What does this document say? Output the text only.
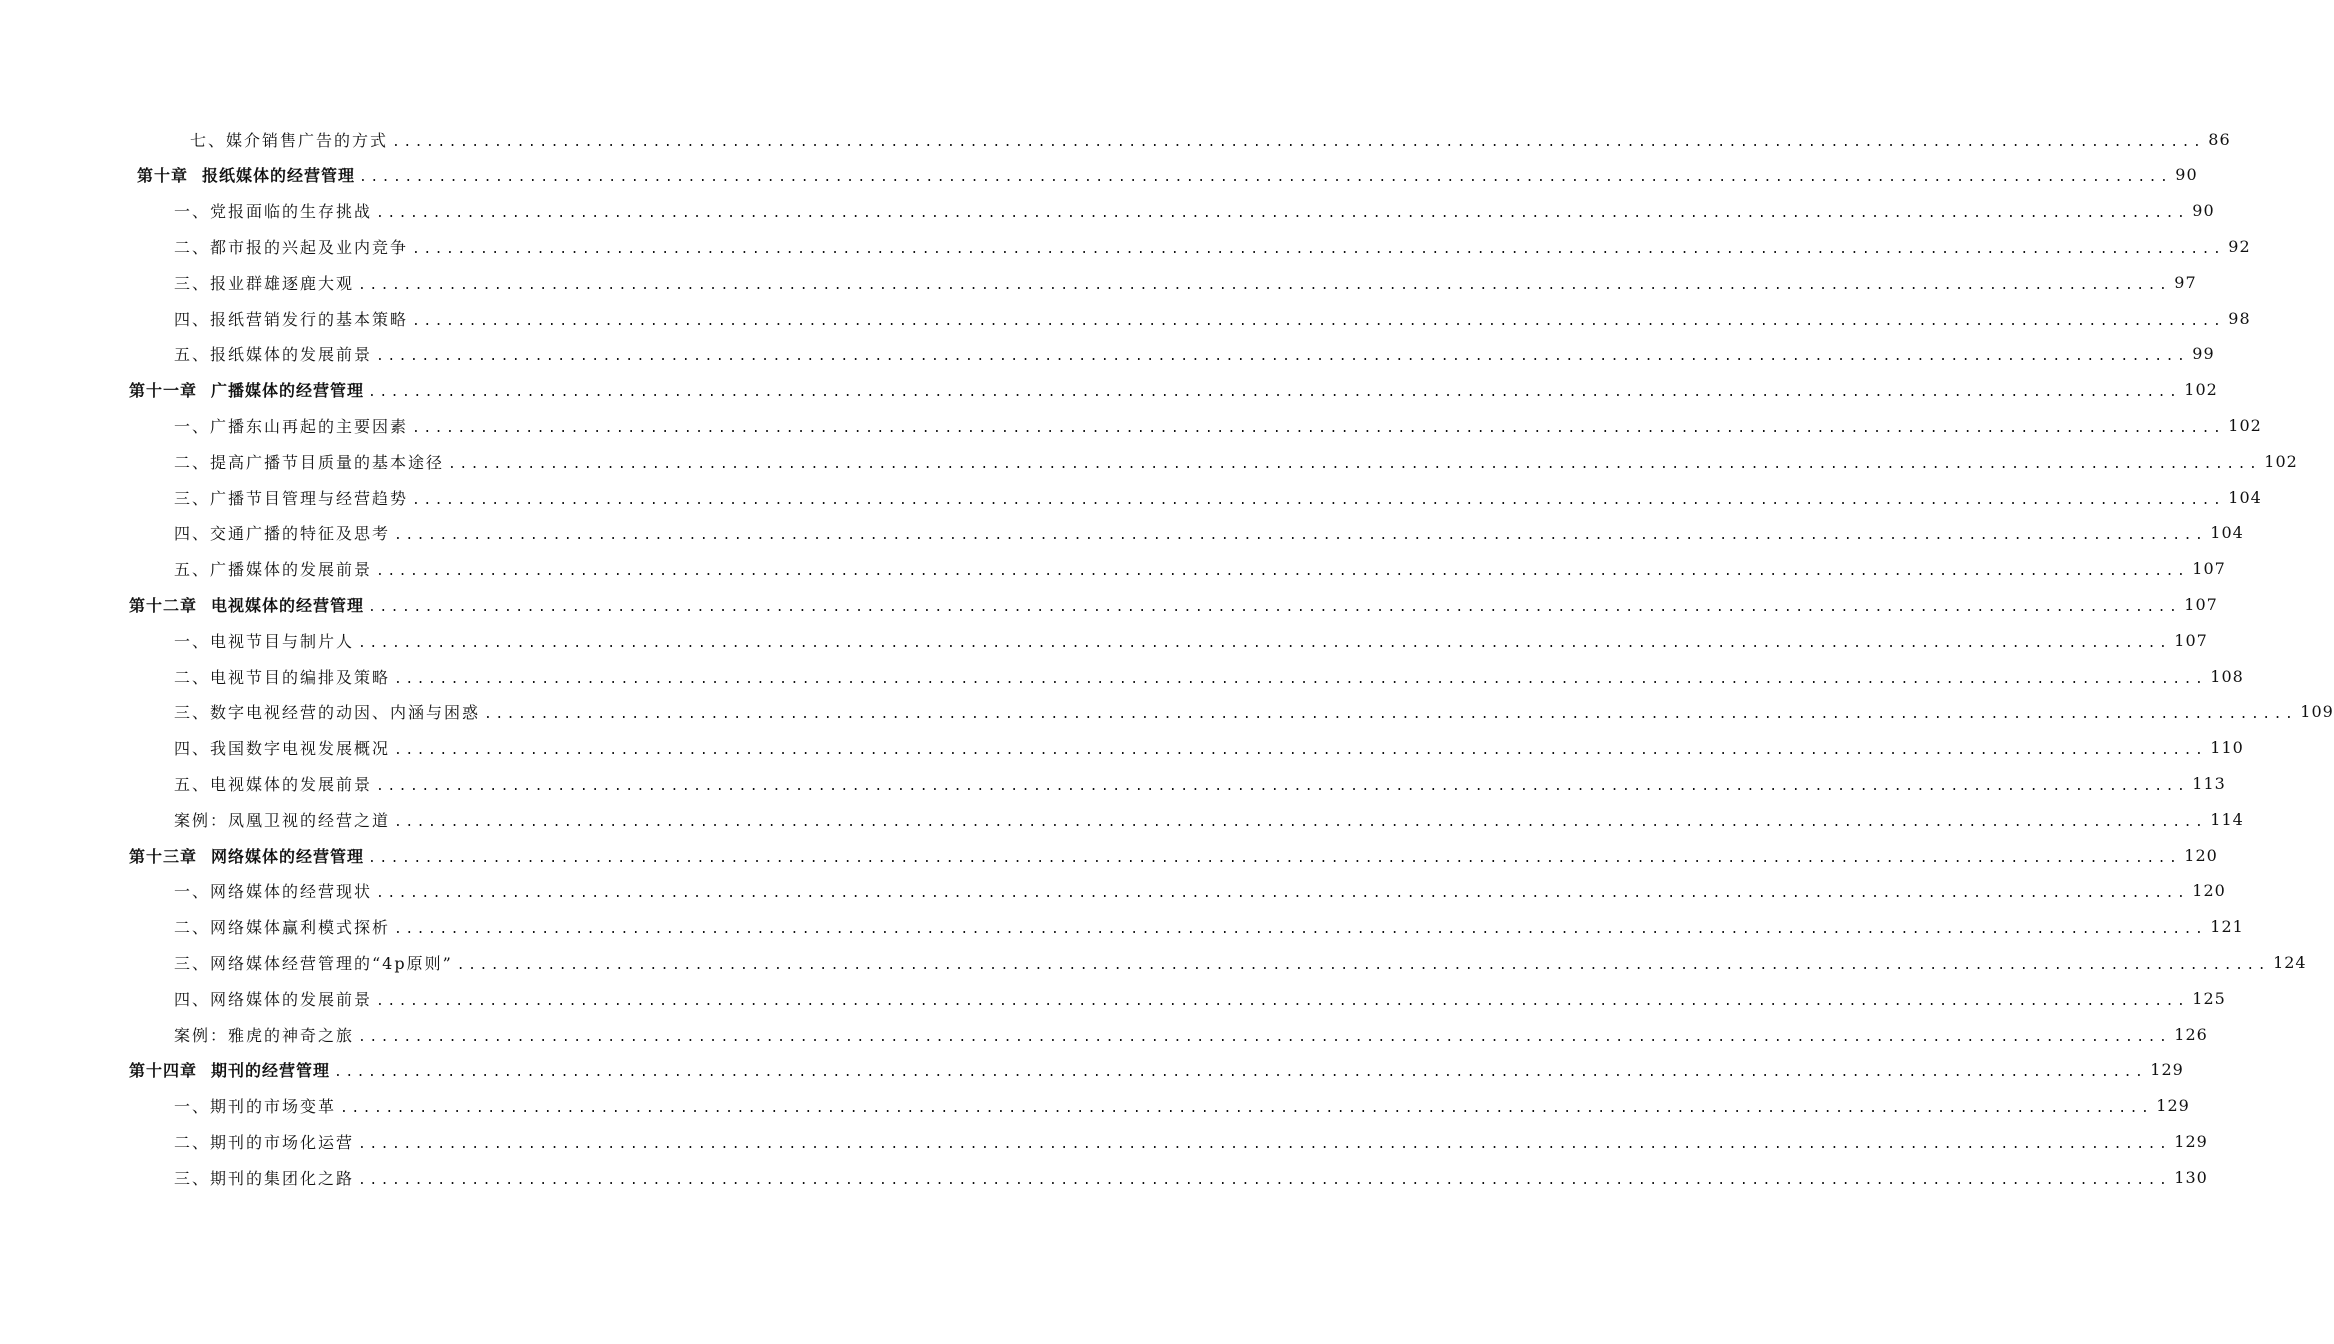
七、媒介销售广告的方式 ................................................................................................................................................................ 86
第十章 报纸媒体的经营管理 ................................................................................................................................................................ 90
一、党报面临的生存挑战 ................................................................................................................................................................ 90
二、都市报的兴起及业内竞争 ................................................................................................................................................................ 92
三、报业群雄逐鹿大观 ................................................................................................................................................................ 97
四、报纸营销发行的基本策略 ................................................................................................................................................................ 98
五、报纸媒体的发展前景 ................................................................................................................................................................ 99
第十一章 广播媒体的经营管理 ................................................................................................................................................................ 102
一、广播东山再起的主要因素 ................................................................................................................................................................ 102
二、提高广播节目质量的基本途径 ................................................................................................................................................................ 102
三、广播节目管理与经营趋势 ................................................................................................................................................................ 104
四、交通广播的特征及思考 ................................................................................................................................................................ 104
五、广播媒体的发展前景 ................................................................................................................................................................ 107
第十二章 电视媒体的经营管理 ................................................................................................................................................................ 107
一、电视节目与制片人 ................................................................................................................................................................ 107
二、电视节目的编排及策略 ................................................................................................................................................................ 108
三、数字电视经营的动因、内涵与困惑 ................................................................................................................................................................ 109
四、我国数字电视发展概况 ................................................................................................................................................................ 110
五、电视媒体的发展前景 ................................................................................................................................................................ 113
案例：凤凰卫视的经营之道 ................................................................................................................................................................ 114
第十三章 网络媒体的经营管理 ................................................................................................................................................................ 120
一、网络媒体的经营现状 ................................................................................................................................................................ 120
二、网络媒体赢利模式探析 ................................................................................................................................................................ 121
三、网络媒体经营管理的“4p原则” ................................................................................................................................................................ 124
四、网络媒体的发展前景 ................................................................................................................................................................ 125
案例：雅虎的神奇之旅 ................................................................................................................................................................ 126
第十四章 期刊的经营管理 ................................................................................................................................................................ 129
一、期刊的市场变革 ................................................................................................................................................................ 129
二、期刊的市场化运营 ................................................................................................................................................................ 129
三、期刊的集团化之路 ................................................................................................................................................................ 130
